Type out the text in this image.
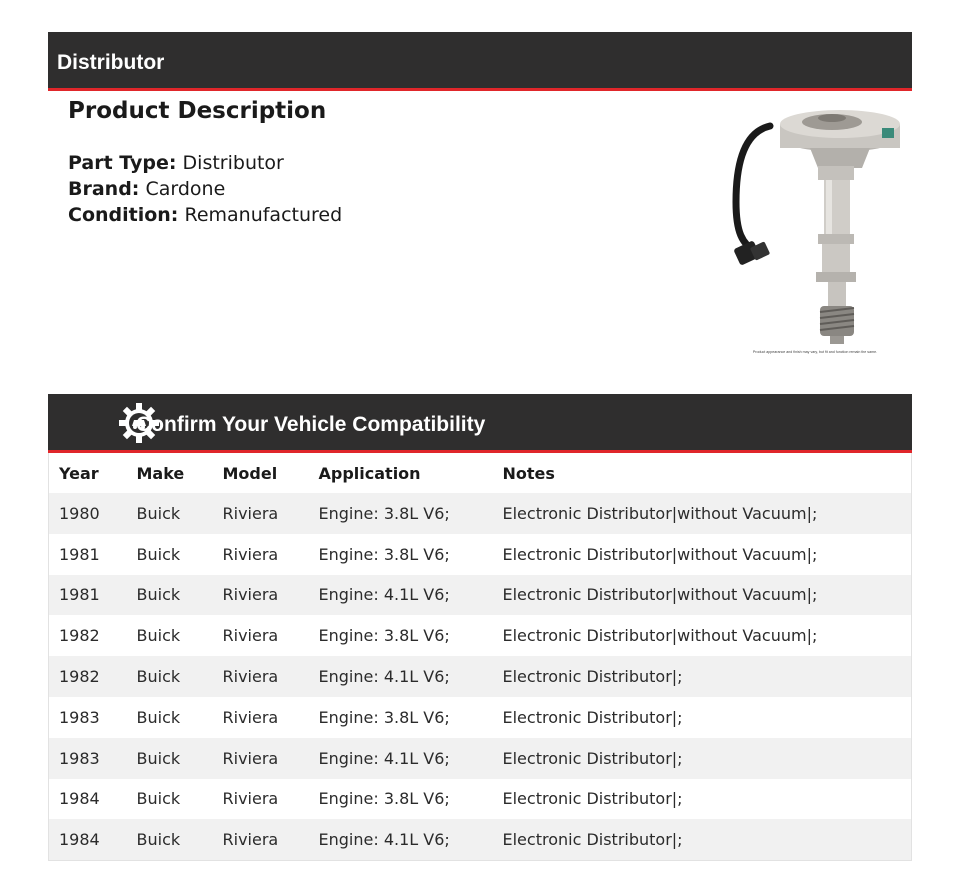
Distributor
Product Description
Part Type: Distributor
Brand: Cardone
Condition: Remanufactured
Product appearance and finish may vary, but fit and function remain the same.
Confirm Your Vehicle Compatibility
Year	Make	Model	Application	Notes
1980	Buick	Riviera	Engine: 3.8L V6;	Electronic Distributor|without Vacuum|;
1981	Buick	Riviera	Engine: 3.8L V6;	Electronic Distributor|without Vacuum|;
1981	Buick	Riviera	Engine: 4.1L V6;	Electronic Distributor|without Vacuum|;
1982	Buick	Riviera	Engine: 3.8L V6;	Electronic Distributor|without Vacuum|;
1982	Buick	Riviera	Engine: 4.1L V6;	Electronic Distributor|;
1983	Buick	Riviera	Engine: 3.8L V6;	Electronic Distributor|;
1983	Buick	Riviera	Engine: 4.1L V6;	Electronic Distributor|;
1984	Buick	Riviera	Engine: 3.8L V6;	Electronic Distributor|;
1984	Buick	Riviera	Engine: 4.1L V6;	Electronic Distributor|;
